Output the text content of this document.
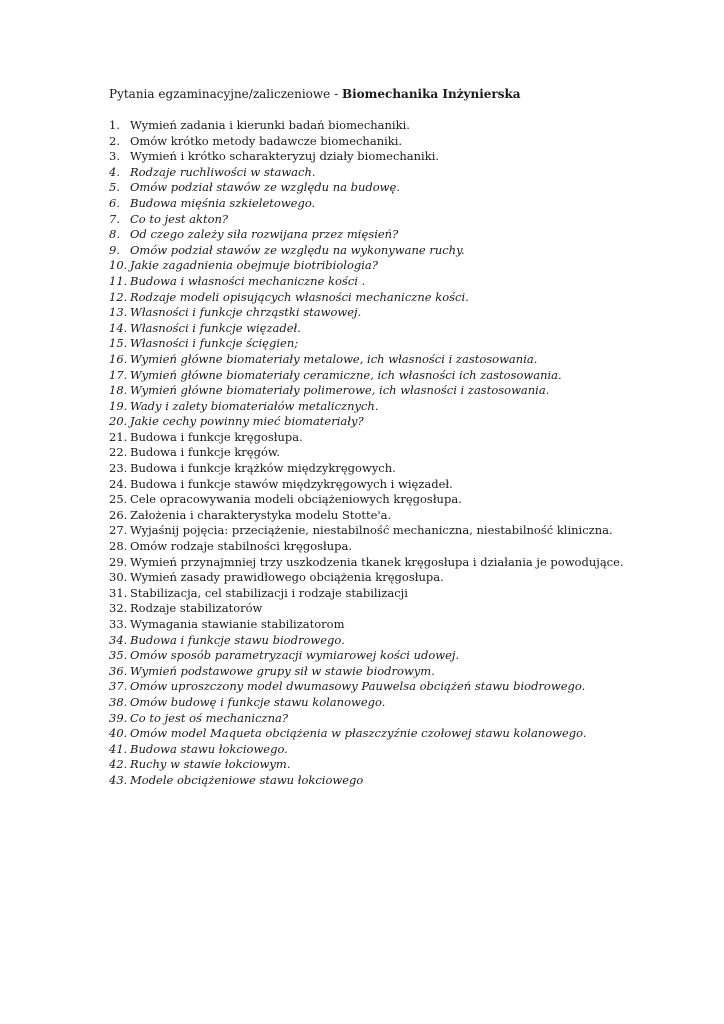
Pytania egzaminacyjne/zaliczeniowe - Biomechanika Inżynierska
1. Wymień zadania i kierunki badań biomechaniki.
2. Omów krótko metody badawcze biomechaniki.
3. Wymień i krótko scharakteryzuj działy biomechaniki.
4. Rodzaje ruchliwości w stawach.
5. Omów podział stawów ze względu na budowę.
6. Budowa mięśnia szkieletowego.
7. Co to jest akton?
8. Od czego zależy siła rozwijana przez mięsień?
9. Omów podział stawów ze względu na wykonywane ruchy.
10. Jakie zagadnienia obejmuje biotribiologia?
11. Budowa i własności mechaniczne kości .
12. Rodzaje modeli opisujących własności mechaniczne kości.
13. Własności i funkcje chrząstki stawowej.
14. Własności i funkcje więzadeł.
15. Własności i funkcje ścięgien;
16. Wymień główne biomateriały metalowe, ich własności i zastosowania.
17. Wymień główne biomateriały ceramiczne, ich własności ich zastosowania.
18. Wymień główne biomateriały polimerowe, ich własności i zastosowania.
19. Wady i zalety biomateriałów metalicznych.
20. Jakie cechy powinny mieć biomateriały?
21. Budowa i funkcje kręgosłupa.
22. Budowa i funkcje kręgów.
23. Budowa i funkcje krążków międzykręgowych.
24. Budowa i funkcje stawów międzykręgowych i więzadeł.
25. Cele opracowywania modeli obciążeniowych kręgosłupa.
26. Założenia i charakterystyka modelu Stotte'a.
27. Wyjaśnij pojęcia: przeciążenie, niestabilność mechaniczna, niestabilność kliniczna.
28. Omów rodzaje stabilności kręgosłupa.
29. Wymień przynajmniej trzy uszkodzenia tkanek kręgosłupa i działania je powodujące.
30. Wymień zasady prawidłowego obciążenia kręgosłupa.
31. Stabilizacja, cel stabilizacji i rodzaje stabilizacji
32. Rodzaje stabilizatorów
33. Wymagania stawianie stabilizatorom
34. Budowa i funkcje stawu biodrowego.
35. Omów sposób parametryzacji wymiarowej kości udowej.
36. Wymień podstawowe grupy sił w stawie biodrowym.
37. Omów uproszczony model dwumasowy Pauwelsa obciążeń stawu biodrowego.
38. Omów budowę i funkcje stawu kolanowego.
39. Co to jest oś mechaniczna?
40. Omów model Maqueta obciążenia w płaszczyźnie czołowej stawu kolanowego.
41. Budowa stawu łokciowego.
42. Ruchy w stawie łokciowym.
43. Modele obciążeniowe stawu łokciowego
